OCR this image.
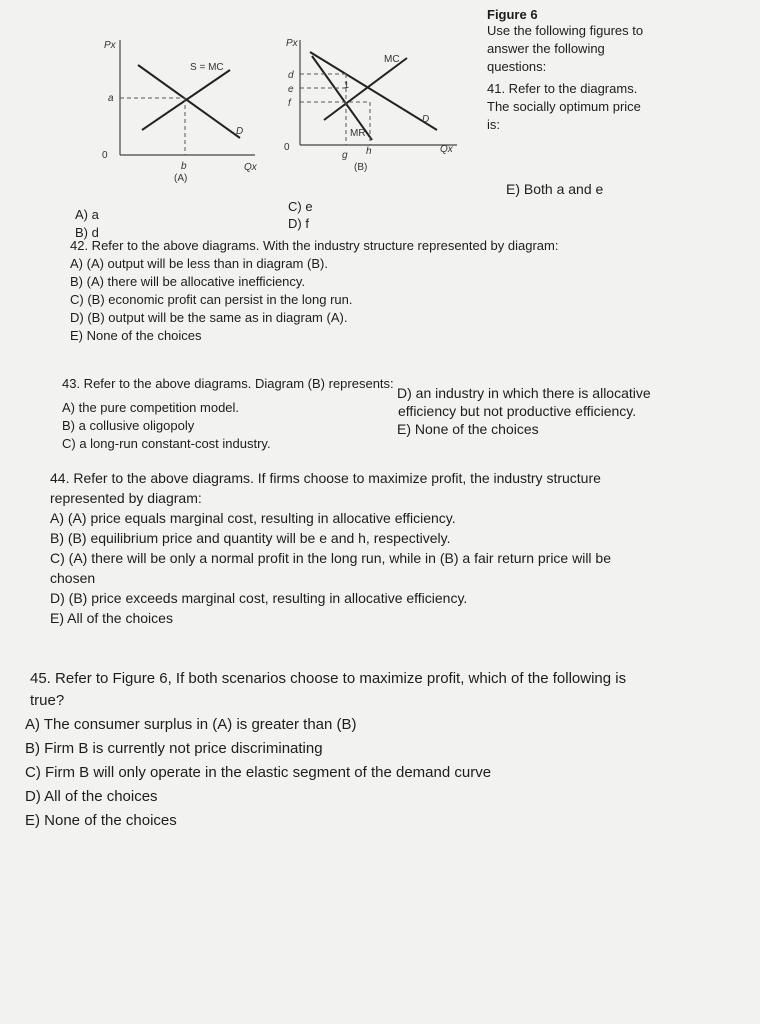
Px
S = MC
D
a
b
0
Qx
(A)
Px
MC
MR
D
d
e
f
g h
1
0	Qx
(B)
Figure 6
Use the following figures to
answer the following
questions:
41. Refer to the diagrams.
The socially optimum price
is:
A) a
B) d
C) e
D) f
E) Both a and e
42. Refer to the above diagrams. With the industry structure represented by diagram:
A) (A) output will be less than in diagram (B).
B) (A) there will be allocative inefficiency.
C) (B) economic profit can persist in the long run.
D) (B) output will be the same as in diagram (A).
E) None of the choices
43. Refer to the above diagrams. Diagram (B) represents:
A) the pure competition model.
B) a collusive oligopoly
C) a long-run constant-cost industry.
D) an industry in which there is allocative
efficiency but not productive efficiency.
E) None of the choices
44. Refer to the above diagrams. If firms choose to maximize profit, the industry structure
represented by diagram:
A) (A) price equals marginal cost, resulting in allocative efficiency.
B) (B) equilibrium price and quantity will be e and h, respectively.
C) (A) there will be only a normal profit in the long run, while in (B) a fair return price will be
chosen
D) (B) price exceeds marginal cost, resulting in allocative efficiency.
E) All of the choices
45. Refer to Figure 6, If both scenarios choose to maximize profit, which of the following is
true?
A) The consumer surplus in (A) is greater than (B)
B) Firm B is currently not price discriminating
C) Firm B will only operate in the elastic segment of the demand curve
D) All of the choices
E) None of the choices
